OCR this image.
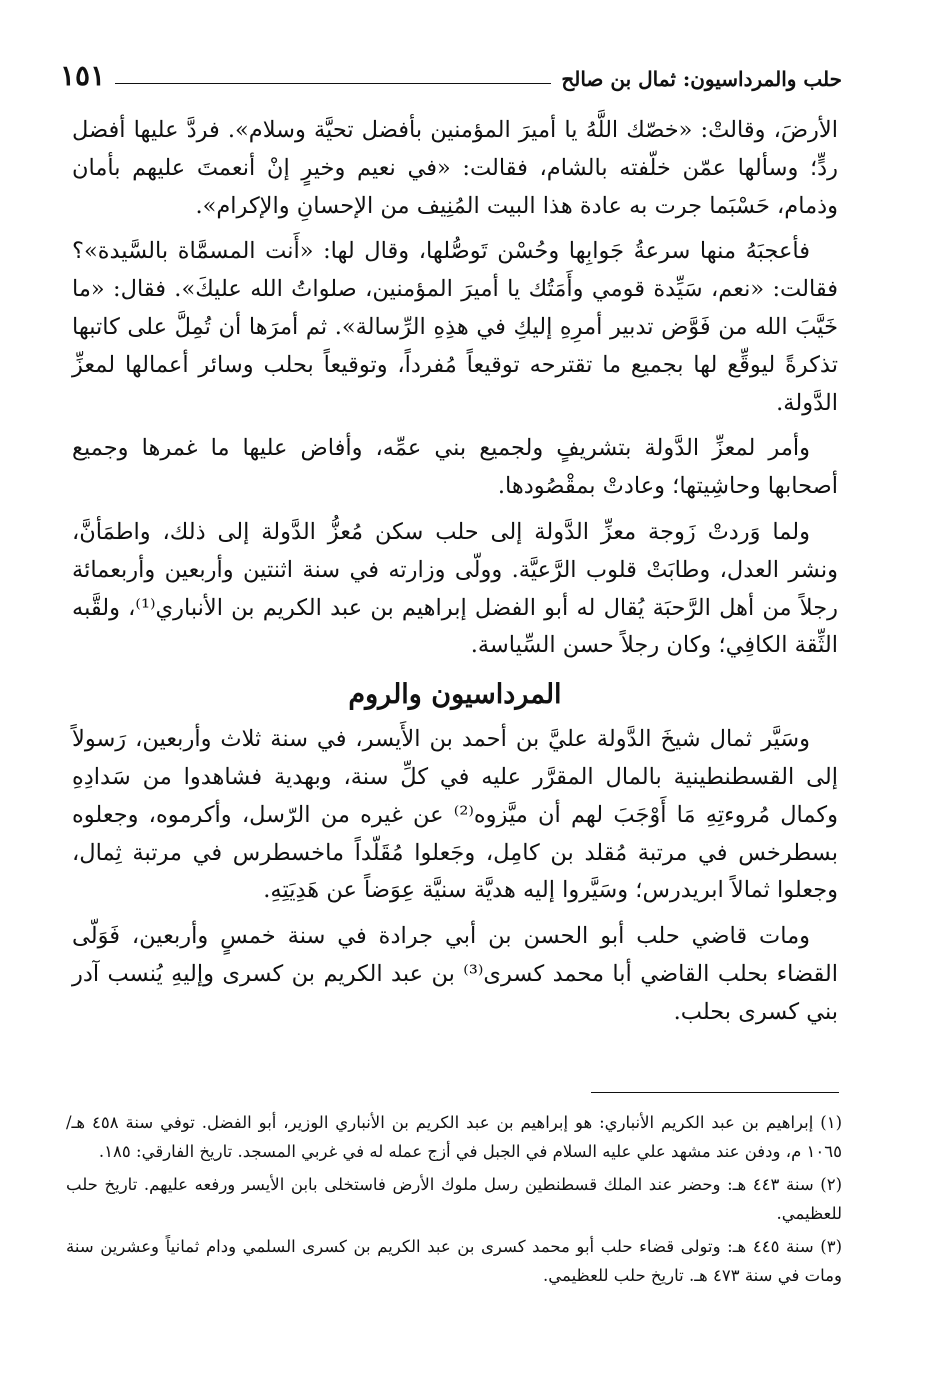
حلب والمرداسيون: ثمال بن صالح
١٥١

الأرضَ، وقالتْ: «خصّك اللَّهُ يا أميرَ المؤمنين بأفضل تحيَّة وسلام». فردَّ عليها أفضل ردٍّ؛ وسألها عمّن خلّفته بالشام، فقالت: «في نعيم وخيرٍ إنْ أنعمتَ عليهم بأمان وذمام، حَسْبَما جرت به عادة هذا البيت المُنِيف من الإحسانِ والإكرام».

فأعجبَهُ منها سرعةُ جَوابِها وحُسْن تَوصُّلها، وقال لها: «أَنت المسمَّاة بالسَّيدة»؟ فقالت: «نعم، سَيِّدة قومي وأَمَتُك يا أميرَ المؤمنين، صلواتُ الله عليكَ». فقال: «ما خَيَّبَ الله من فَوَّض تدبير أمرِهِ إليكِ في هذِهِ الرِّسالة». ثم أمرَها أن تُمِلَّ على كاتبها تذكرةً ليوقِّع لها بجميع ما تقترحه توقيعاً مُفرداً، وتوقيعاً بحلب وسائر أعمالها لمعزِّ الدَّولة.

وأمر لمعزِّ الدَّولة بتشريفٍ ولجميع بني عمِّه، وأفاض عليها ما غمرها وجميع أصحابها وحاشِيتها؛ وعادتْ بمقْصُودها.

ولما وَردتْ زَوجة معزِّ الدَّولة إلى حلب سكن مُعزُّ الدَّولة إلى ذلك، واطمَأنَّ، ونشر العدل، وطابَتْ قلوب الرَّعيَّة. وولّى وزارته في سنة اثنتين وأربعين وأربعمائة رجلاً من أهل الرَّحبَة يُقال له أبو الفضل إبراهيم بن عبد الكريم بن الأنباري⁽¹⁾، ولقَّبه الثِّقة الكافِي؛ وكان رجلاً حسن السِّياسة.

المرداسيون والروم

وسَيَّر ثمال شيخَ الدَّولة عليَّ بن أحمد بن الأَيسر، في سنة ثلاث وأربعين، رَسولاً إلى القسطنطينية بالمال المقرَّر عليه في كلِّ سنة، وبهدية فشاهدوا من سَدادِهِ وكمال مُروءتِهِ مَا أَوْجَبَ لهم أن ميَّزوه⁽²⁾ عن غيره من الرّسل، وأكرموه، وجعلوه بسطرخس في مرتبة مُقلد بن كامِل، وجَعلوا مُقَلّداً ماخسطرس في مرتبة ثِمال، وجعلوا ثمالاً ابريدرس؛ وسَيَّروا إليه هديَّة سنيَّة عِوَضاً عن هَدِيَتِهِ.

ومات قاضي حلب أبو الحسن بن أبي جرادة في سنة خمسٍ وأربعين، فَوَلّى القضاء بحلب القاضي أبا محمد كسرى⁽³⁾ بن عبد الكريم بن كسرى وإليهِ يُنسب آدر بني كسرى بحلب.

(١) إبراهيم بن عبد الكريم الأنباري: هو إبراهيم بن عبد الكريم بن الأنباري الوزير، أبو الفضل. توفي سنة ٤٥٨ هـ/ ١٠٦٥ م، ودفن عند مشهد علي عليه السلام في الجبل في أزج عمله له في غربي المسجد. تاريخ الفارقي: ١٨٥.

(٢) سنة ٤٤٣ هـ: وحضر عند الملك قسطنطين رسل ملوك الأرض فاستخلى بابن الأيسر ورفعه عليهم. تاريخ حلب للعظيمي.

(٣) سنة ٤٤٥ هـ: وتولى قضاء حلب أبو محمد كسرى بن عبد الكريم بن كسرى السلمي ودام ثمانياً وعشرين سنة ومات في سنة ٤٧٣ هـ. تاريخ حلب للعظيمي.
